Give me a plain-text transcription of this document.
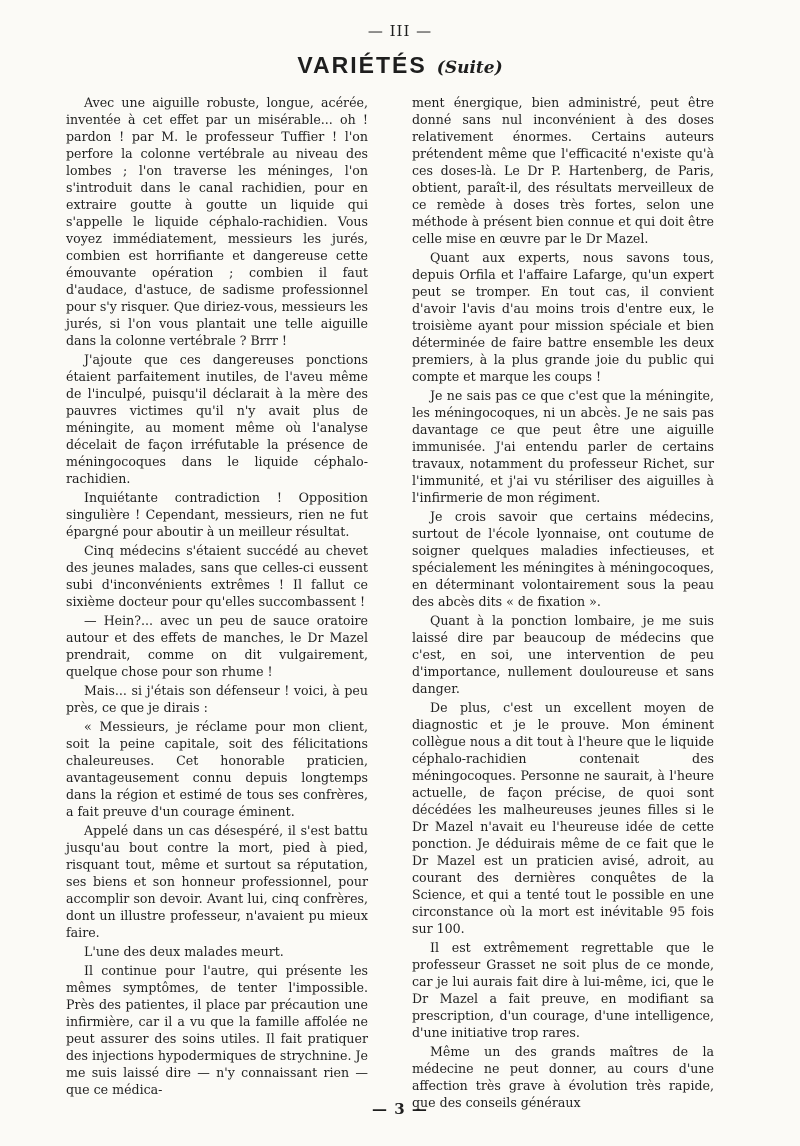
— III —
VARIÉTÉS (Suite)

Avec une aiguille robuste, longue, acérée, inventée à cet effet par un misérable... oh ! pardon ! par M. le professeur Tuffier ! l'on perfore la colonne vertébrale au niveau des lombes ; l'on traverse les méninges, l'on s'introduit dans le canal rachidien, pour en extraire goutte à goutte un liquide qui s'appelle le liquide céphalo-rachidien. Vous voyez immédiatement, messieurs les jurés, combien est horrifiante et dangereuse cette émouvante opération ; combien il faut d'audace, d'astuce, de sadisme professionnel pour s'y risquer. Que diriez-vous, messieurs les jurés, si l'on vous plantait une telle aiguille dans la colonne vertébrale ? Brrr !

J'ajoute que ces dangereuses ponctions étaient parfaitement inutiles, de l'aveu même de l'inculpé, puisqu'il déclarait à la mère des pauvres victimes qu'il n'y avait plus de méningite, au moment même où l'analyse décelait de façon irréfutable la présence de méningocoques dans le liquide céphalo-rachidien.

Inquiétante contradiction ! Opposition singulière ! Cependant, messieurs, rien ne fut épargné pour aboutir à un meilleur résultat.

Cinq médecins s'étaient succédé au chevet des jeunes malades, sans que celles-ci eussent subi d'inconvénients extrêmes ! Il fallut ce sixième docteur pour qu'elles succombassent !

— Hein?... avec un peu de sauce oratoire autour et des effets de manches, le Dr Mazel prendrait, comme on dit vulgairement, quelque chose pour son rhume !

Mais... si j'étais son défenseur ! voici, à peu près, ce que je dirais :

« Messieurs, je réclame pour mon client, soit la peine capitale, soit des félicitations chaleureuses. Cet honorable praticien, avantageusement connu depuis longtemps dans la région et estimé de tous ses confrères, a fait preuve d'un courage éminent.

Appelé dans un cas désespéré, il s'est battu jusqu'au bout contre la mort, pied à pied, risquant tout, même et surtout sa réputation, ses biens et son honneur professionnel, pour accomplir son devoir. Avant lui, cinq confrères, dont un illustre professeur, n'avaient pu mieux faire.

L'une des deux malades meurt.

Il continue pour l'autre, qui présente les mêmes symptômes, de tenter l'impossible. Près des patientes, il place par précaution une infirmière, car il a vu que la famille affolée ne peut assurer des soins utiles. Il fait pratiquer des injections hypodermiques de strychnine. Je me suis laissé dire — n'y connaissant rien — que ce médica-

ment énergique, bien administré, peut être donné sans nul inconvénient à des doses relativement énormes. Certains auteurs prétendent même que l'efficacité n'existe qu'à ces doses-là. Le Dr P. Hartenberg, de Paris, obtient, paraît-il, des résultats merveilleux de ce remède à doses très fortes, selon une méthode à présent bien connue et qui doit être celle mise en œuvre par le Dr Mazel.

Quant aux experts, nous savons tous, depuis Orfila et l'affaire Lafarge, qu'un expert peut se tromper. En tout cas, il convient d'avoir l'avis d'au moins trois d'entre eux, le troisième ayant pour mission spéciale et bien déterminée de faire battre ensemble les deux premiers, à la plus grande joie du public qui compte et marque les coups !

Je ne sais pas ce que c'est que la méningite, les méningocoques, ni un abcès. Je ne sais pas davantage ce que peut être une aiguille immunisée. J'ai entendu parler de certains travaux, notamment du professeur Richet, sur l'immunité, et j'ai vu stériliser des aiguilles à l'infirmerie de mon régiment.

Je crois savoir que certains médecins, surtout de l'école lyonnaise, ont coutume de soigner quelques maladies infectieuses, et spécialement les méningites à méningocoques, en déterminant volontairement sous la peau des abcès dits « de fixation ».

Quant à la ponction lombaire, je me suis laissé dire par beaucoup de médecins que c'est, en soi, une intervention de peu d'importance, nullement douloureuse et sans danger.

De plus, c'est un excellent moyen de diagnostic et je le prouve. Mon éminent collègue nous a dit tout à l'heure que le liquide céphalo-rachidien contenait des méningocoques. Personne ne saurait, à l'heure actuelle, de façon précise, de quoi sont décédées les malheureuses jeunes filles si le Dr Mazel n'avait eu l'heureuse idée de cette ponction. Je déduirais même de ce fait que le Dr Mazel est un praticien avisé, adroit, au courant des dernières conquêtes de la Science, et qui a tenté tout le possible en une circonstance où la mort est inévitable 95 fois sur 100.

Il est extrêmement regrettable que le professeur Grasset ne soit plus de ce monde, car je lui aurais fait dire à lui-même, ici, que le Dr Mazel a fait preuve, en modifiant sa prescription, d'un courage, d'une intelligence, d'une initiative trop rares.

Même un des grands maîtres de la médecine ne peut donner, au cours d'une affection très grave à évolution très rapide, que des conseils généraux

— 3 —
